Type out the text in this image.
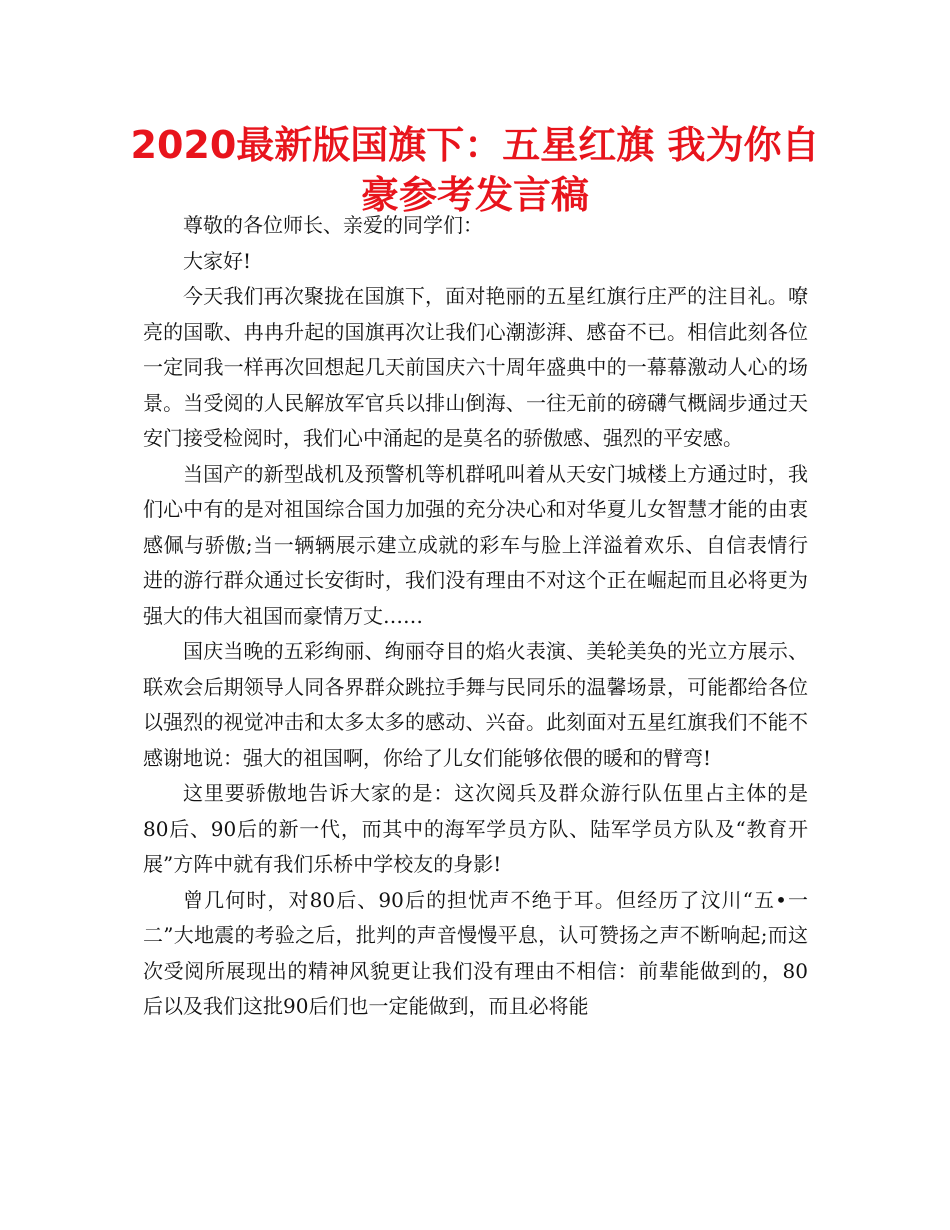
2020最新版国旗下：五星红旗 我为你自豪参考发言稿

尊敬的各位师长、亲爱的同学们：

大家好!

今天我们再次聚拢在国旗下，面对艳丽的五星红旗行庄严的注目礼。嘹亮的国歌、冉冉升起的国旗再次让我们心潮澎湃、感奋不已。相信此刻各位一定同我一样再次回想起几天前国庆六十周年盛典中的一幕幕激动人心的场景。当受阅的人民解放军官兵以排山倒海、一往无前的磅礴气概阔步通过天安门接受检阅时，我们心中涌起的是莫名的骄傲感、强烈的平安感。

当国产的新型战机及预警机等机群吼叫着从天安门城楼上方通过时，我们心中有的是对祖国综合国力加强的充分决心和对华夏儿女智慧才能的由衷感佩与骄傲;当一辆辆展示建立成就的彩车与脸上洋溢着欢乐、自信表情行进的游行群众通过长安街时，我们没有理由不对这个正在崛起而且必将更为强大的伟大祖国而豪情万丈……

国庆当晚的五彩绚丽、绚丽夺目的焰火表演、美轮美奂的光立方展示、联欢会后期领导人同各界群众跳拉手舞与民同乐的温馨场景，可能都给各位以强烈的视觉冲击和太多太多的感动、兴奋。此刻面对五星红旗我们不能不感谢地说：强大的祖国啊，你给了儿女们能够依偎的暖和的臂弯!

这里要骄傲地告诉大家的是：这次阅兵及群众游行队伍里占主体的是80后、90后的新一代，而其中的海军学员方队、陆军学员方队及“教育开展”方阵中就有我们乐桥中学校友的身影!

曾几何时，对80后、90后的担忧声不绝于耳。但经历了汶川“五•一二”大地震的考验之后，批判的声音慢慢平息，认可赞扬之声不断响起;而这次受阅所展现出的精神风貌更让我们没有理由不相信：前辈能做到的，80后以及我们这批90后们也一定能做到，而且必将能
